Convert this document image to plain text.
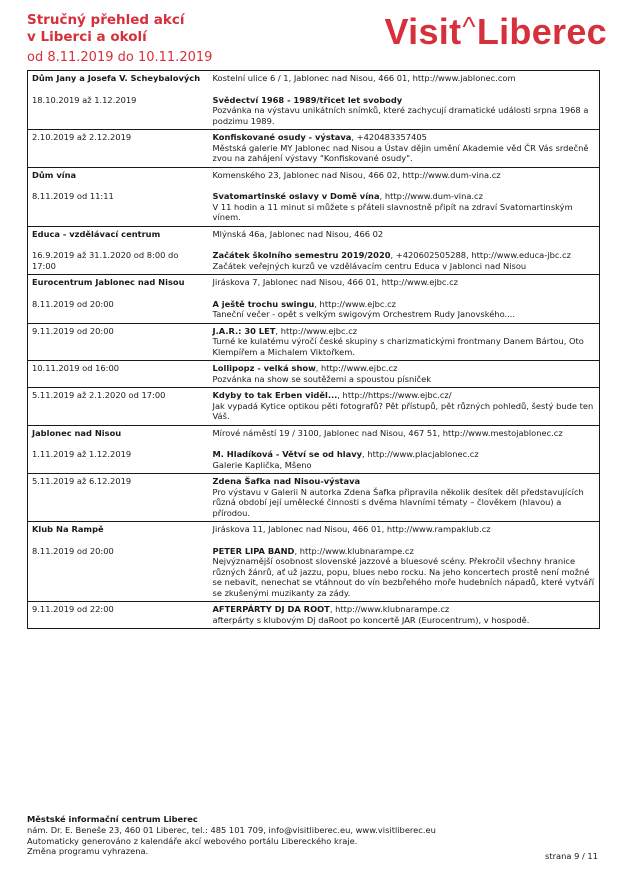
Stručný přehled akcí
v Liberci a okolí
od 8.11.2019 do 10.11.2019
Visit^Liberec
Dům Jany a Josefa V. Scheybalových	Kostelní ulice 6 / 1, Jablonec nad Nisou, 466 01, http://www.jablonec.com

18.10.2019 až 1.12.2019	Svědectví 1968 - 1989/třicet let svobody
Pozvánka na výstavu unikátních snímků, které zachycují dramatické události srpna 1968 a podzimu 1989.

2.10.2019 až 2.12.2019	Konfiskované osudy - výstava, +420483357405
Městská galerie MY Jablonec nad Nisou a Ústav dějin umění Akademie věd ČR Vás srdečně zvou na zahájení výstavy "Konfiskované osudy".

Dům vína	Komenského 23, Jablonec nad Nisou, 466 02, http://www.dum-vina.cz

8.11.2019 od 11:11	Svatomartinské oslavy v Domě vína, http://www.dum-vina.cz
V 11 hodin a 11 minut si můžete s přáteli slavnostně připít na zdraví Svatomartinským vínem.

Educa - vzdělávací centrum	Mlýnská 46a, Jablonec nad Nisou, 466 02

16.9.2019 až 31.1.2020 od 8:00 do 17:00	Začátek školního semestru 2019/2020, +420602505288, http://www.educa-jbc.cz
Začátek veřejných kurzů ve vzdělávacím centru Educa v Jablonci nad Nisou

Eurocentrum Jablonec nad Nisou	Jiráskova 7, Jablonec nad Nisou, 466 01, http://www.ejbc.cz

8.11.2019 od 20:00	A ještě trochu swingu, http://www.ejbc.cz
Taneční večer - opět s velkým swigovým Orchestrem Rudy Janovského....

9.11.2019 od 20:00	J.A.R.: 30 LET, http://www.ejbc.cz
Turné ke kulatému výročí české skupiny s charizmatickými frontmany Danem Bártou, Oto Klempířem a Michalem Viktořkem.

10.11.2019 od 16:00	Lollipopz - velká show, http://www.ejbc.cz
Pozvánka na show se soutěžemi a spoustou písniček

5.11.2019 až 2.1.2020 od 17:00	Kdyby to tak Erben viděl..., http://https://www.ejbc.cz/
Jak vypadá Kytice optikou pěti fotografů? Pět přístupů, pět různých pohledů, šestý bude ten Váš.

Jablonec nad Nisou	Mírové náměstí 19 / 3100, Jablonec nad Nisou, 467 51, http://www.mestojablonec.cz

1.11.2019 až 1.12.2019	M. Hladíková - Větví se od hlavy, http://www.placjablonec.cz
Galerie Kaplička, Mšeno

5.11.2019 až 6.12.2019	Zdena Šafka nad Nisou-výstava
Pro výstavu v Galerii N autorka Zdena Šafka připravila několik desítek děl představujících různá období její umělecké činnosti s dvěma hlavními tématy – člověkem (hlavou) a přírodou.

Klub Na Rampě	Jiráskova 11, Jablonec nad Nisou, 466 01, http://www.rampaklub.cz

8.11.2019 od 20:00	PETER LIPA BAND, http://www.klubnarampe.cz
Nejvýznamější osobnost slovenské jazzové a bluesové scény. Překročil všechny hranice různých žánrů, ať už jazzu, popu, blues nebo rocku. Na jeho koncertech prostě není možné se nebavit, nenechat se vtáhnout do vín bezbřehého moře hudebních nápadů, které vytváří se zkušenými muzikanty za zády.

9.11.2019 od 22:00	AFTERPÁRTY DJ DA ROOT, http://www.klubnarampe.cz
afterpárty s klubovým Dj daRoot po koncertě JAR (Eurocentrum), v hospodě.
Městské informační centrum Liberec
nám. Dr. E. Beneše 23, 460 01 Liberec, tel.: 485 101 709, info@visitliberec.eu, www.visitliberec.eu
Automaticky generováno z kalendáře akcí webového portálu Libereckého kraje.
Změna programu vyhrazena.	strana 9 / 11
